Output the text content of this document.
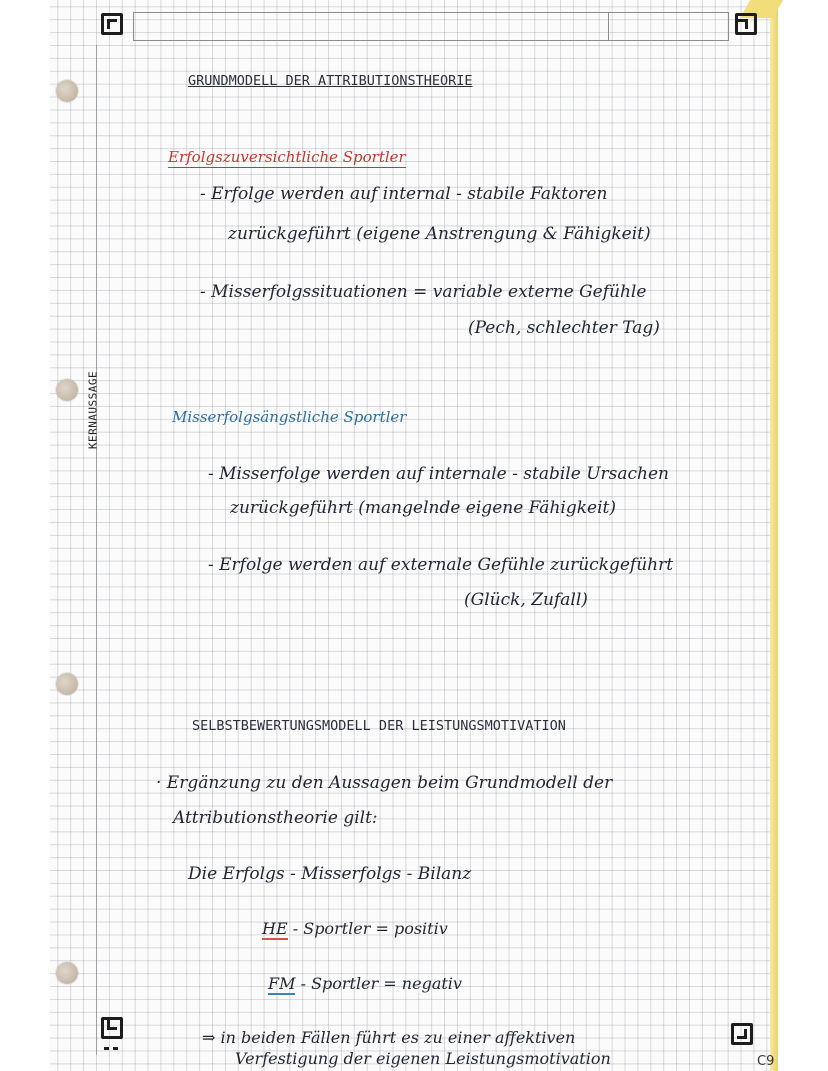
KERNAUSSAGE
GRUNDMODELL DER ATTRIBUTIONSTHEORIE
Erfolgszuversichtliche Sportler
- Erfolge werden auf internal - stabile Faktoren
zurückgeführt (eigene Anstrengung & Fähigkeit)
- Misserfolgssituationen = variable externe Gefühle
(Pech, schlechter Tag)
Misserfolgsängstliche Sportler
- Misserfolge werden auf internale - stabile Ursachen
zurückgeführt (mangelnde eigene Fähigkeit)
- Erfolge werden auf externale Gefühle zurückgeführt
(Glück, Zufall)
SELBSTBEWERTUNGSMODELL DER LEISTUNGSMOTIVATION
· Ergänzung zu den Aussagen beim Grundmodell der
Attributionstheorie gilt:
Die Erfolgs - Misserfolgs - Bilanz
HE - Sportler = positiv
FM - Sportler = negativ
⇒ in beiden Fällen führt es zu einer affektiven
Verfestigung der eigenen Leistungsmotivation	C9
